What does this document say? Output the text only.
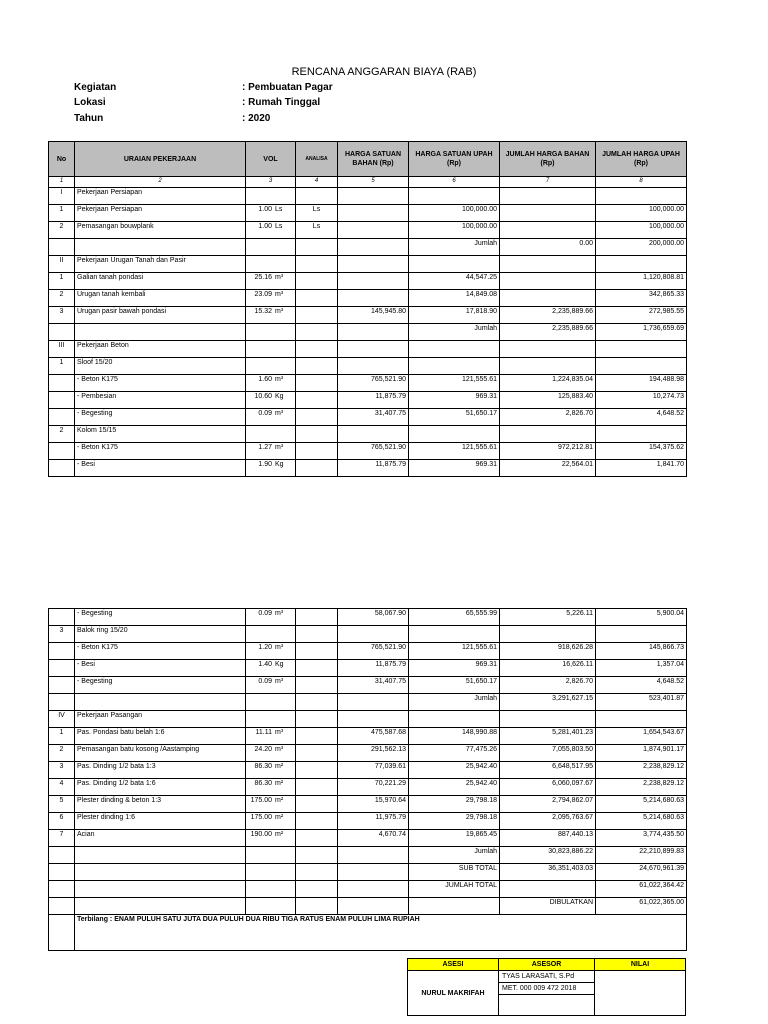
RENCANA ANGGARAN BIAYA (RAB)
Kegiatan	: Pembuatan Pagar
Lokasi	: Rumah Tinggal
Tahun	: 2020
No	URAIAN PEKERJAAN	VOL	ANALISA	HARGA SATUAN BAHAN (Rp)	HARGA SATUAN UPAH (Rp)	JUMLAH HARGA BAHAN (Rp)	JUMLAH HARGA UPAH (Rp)
1	2	3	4	5	6	7	8
I	Pekerjaan Persiapan						
1	Pekerjaan Persiapan	1.00 Ls	Ls		100,000.00		100,000.00
2	Pemasangan bouwplank	1.00 Ls	Ls		100,000.00		100,000.00
					Jumlah	0.00	200,000.00
II	Pekerjaan Urugan Tanah dan Pasir						
1	Galian tanah pondasi	25.16 m³			44,547.25		1,120,808.81
2	Urugan tanah kembali	23.09 m³			14,849.08		342,865.33
3	Urugan pasir bawah pondasi	15.32 m³		145,945.80	17,818.90	2,235,889.66	272,985.55
					Jumlah	2,235,889.66	1,736,659.69
III	Pekerjaan Beton						
1	Sloof 15/20						
	- Beton K175	1.60 m³		765,521.90	121,555.61	1,224,835.04	194,488.98
	- Pembesian	10.60 Kg		11,875.79	969.31	125,883.40	10,274.73
	- Begesting	0.09 m³		31,407.75	51,650.17	2,826.70	4,648.52
2	Kolom 15/15						
	- Beton K175	1.27 m³		765,521.90	121,555.61	972,212.81	154,375.62
	- Besi	1.90 Kg		11,875.79	969.31	22,564.01	1,841.70
	- Begesting	0.09 m³		58,067.90	65,555.99	5,226.11	5,900.04
3	Balok ring 15/20						
	- Beton K175	1.20 m³		765,521.90	121,555.61	918,626.28	145,866.73
	- Besi	1.40 Kg		11,875.79	969.31	16,626.11	1,357.04
	- Begesting	0.09 m³		31,407.75	51,650.17	2,826.70	4,648.52
					Jumlah	3,291,627.15	523,401.87
IV	Pekerjaan Pasangan						
1	Pas. Pondasi batu belah 1:6	11.11 m³		475,587.68	148,990.88	5,281,401.23	1,654,543.67
2	Pemasangan batu kosong /Aastamping	24.20 m³		291,562.13	77,475.26	7,055,803.50	1,874,901.17
3	Pas. Dinding 1/2 bata 1:3	86.30 m²		77,039.61	25,942.40	6,648,517.95	2,238,829.12
4	Pas. Dinding 1/2 bata 1:6	86.30 m²		70,221.29	25,942.40	6,060,097.67	2,238,829.12
5	Plester dinding & beton 1:3	175.00 m²		15,970.64	29,798.18	2,794,862.07	5,214,680.63
6	Plester dinding 1:6	175.00 m²		11,975.79	29,798.18	2,095,763.67	5,214,680.63
7	Acian	190.00 m²		4,670.74	19,865.45	887,440.13	3,774,435.50
					Jumlah	30,823,886.22	22,210,899.83
					SUB TOTAL	36,351,403.03	24,670,961.39
					JUMLAH TOTAL		61,022,364.42
						DIBULATKAN	61,022,365.00
	Terbilang : ENAM PULUH SATU JUTA DUA PULUH DUA RIBU TIGA RATUS ENAM PULUH LIMA RUPIAH						
ASESI	ASESOR	NILAI
NURUL MAKRIFAH	TYAS LARASATI, S.Pd	
	MET. 000 009 472 2018	
